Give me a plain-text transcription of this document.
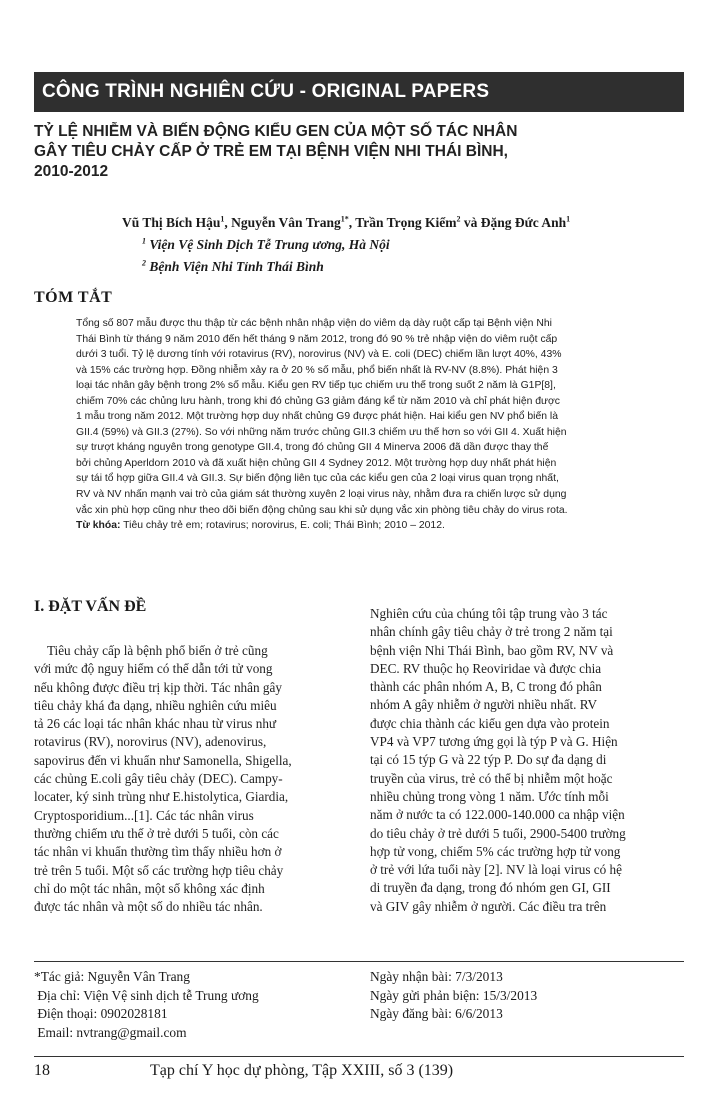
CÔNG TRÌNH NGHIÊN CỨU - ORIGINAL PAPERS
TỶ LỆ NHIỄM VÀ BIẾN ĐỘNG KIỂU GEN CỦA MỘT SỐ TÁC NHÂN
GÂY TIÊU CHẢY CẤP Ở TRẺ EM TẠI BỆNH VIỆN NHI THÁI BÌNH,
2010-2012
Vũ Thị Bích Hậu$^1$, Nguyễn Vân Trang$^{1*}$, Trần Trọng Kiểm$^2$ và Đặng Đức Anh$^1$
$^1$ Viện Vệ Sinh Dịch Tễ Trung ương, Hà Nội
$^2$ Bệnh Viện Nhi Tỉnh Thái Bình
TÓM TẮT
Tổng số 807 mẫu được thu thập từ các bệnh nhân nhập viện do viêm dạ dày ruột cấp tại Bệnh viện Nhi
Thái Bình từ tháng 9 năm 2010 đến hết tháng 9 năm 2012, trong đó 90 % trẻ nhập viện do viêm ruột cấp
dưới 3 tuổi. Tỷ lệ dương tính với rotavirus (RV), norovirus (NV) và E. coli (DEC) chiếm lần lượt 40%, 43%
và 15% các trường hợp. Đồng nhiễm xảy ra ở 20 % số mẫu, phổ biến nhất là RV-NV (8.8%). Phát hiện 3
loại tác nhân gây bệnh trong 2% số mẫu. Kiểu gen RV tiếp tục chiếm ưu thế trong suốt 2 năm là G1P[8],
chiếm 70% các chủng lưu hành, trong khi đó chủng G3 giảm đáng kể từ năm 2010 và chỉ phát hiện được
1 mẫu trong năm 2012. Một trường hợp duy nhất chủng G9 được phát hiện. Hai kiểu gen NV phổ biến là
GII.4 (59%) và GII.3 (27%). So với những năm trước chủng GII.3 chiếm ưu thế hơn so với GII 4. Xuất hiện
sự trượt kháng nguyên trong genotype GII.4, trong đó chủng GII 4 Minerva 2006 đã dần được thay thế
bởi chủng Aperldorn 2010 và đã xuất hiện chủng GII 4 Sydney 2012. Một trường hợp duy nhất phát hiện
sự tái tổ hợp giữa GII.4 và GII.3. Sự biến động liên tục của các kiểu gen của 2 loại virus quan trọng nhất,
RV và NV nhấn mạnh vai trò của giám sát thường xuyên 2 loại virus này, nhằm đưa ra chiến lược sử dụng
vắc xin phù hợp cũng như theo dõi biến động chủng sau khi sử dụng vắc xin phòng tiêu chảy do virus rota.
Từ khóa: Tiêu chảy trẻ em; rotavirus; norovirus, E. coli; Thái Bình; 2010 – 2012.
I. ĐẶT VẤN ĐỀ
Tiêu chảy cấp là bệnh phổ biến ở trẻ cũng
với mức độ nguy hiểm có thể dẫn tới tử vong
nếu không được điều trị kịp thời. Tác nhân gây
tiêu chảy khá đa dạng, nhiều nghiên cứu miêu
tả 26 các loại tác nhân khác nhau từ virus như
rotavirus (RV), norovirus (NV), adenovirus,
sapovirus đến vi khuẩn như Samonella, Shigella,
các chủng E.coli gây tiêu chảy (DEC). Campy-
locater, ký sinh trùng như E.histolytica, Giardia,
Cryptosporidium...[1]. Các tác nhân virus
thường chiếm ưu thế ở trẻ dưới 5 tuổi, còn các
tác nhân vi khuẩn thường tìm thấy nhiều hơn ở
trẻ trên 5 tuổi. Một số các trường hợp tiêu chảy
chỉ do một tác nhân, một số không xác định
được tác nhân và một số do nhiều tác nhân.
Nghiên cứu của chúng tôi tập trung vào 3 tác
nhân chính gây tiêu chảy ở trẻ trong 2 năm tại
bệnh viện Nhi Thái Bình, bao gồm RV, NV và
DEC. RV thuộc họ Reoviridae và được chia
thành các phân nhóm A, B, C trong đó phân
nhóm A gây nhiễm ở người nhiều nhất. RV
được chia thành các kiểu gen dựa vào protein
VP4 và VP7 tương ứng gọi là týp P và G. Hiện
tại có 15 týp G và 22 týp P. Do sự đa dạng di
truyền của virus, trẻ có thể bị nhiễm một hoặc
nhiều chủng trong vòng 1 năm. Ước tính mỗi
năm ở nước ta có 122.000-140.000 ca nhập viện
do tiêu chảy ở trẻ dưới 5 tuổi, 2900-5400 trường
hợp tử vong, chiếm 5% các trường hợp tử vong
ở trẻ với lứa tuổi này [2]. NV là loại virus có hệ
di truyền đa dạng, trong đó nhóm gen GI, GII
và GIV gây nhiễm ở người. Các điều tra trên
*Tác giả: Nguyễn Vân Trang
Địa chỉ: Viện Vệ sinh dịch tễ Trung ương
Điện thoại: 0902028181
Email: nvtrang@gmail.com
Ngày nhận bài: 7/3/2013
Ngày gửi phản biện: 15/3/2013
Ngày đăng bài: 6/6/2013
18	Tạp chí Y học dự phòng, Tập XXIII, số 3 (139)
